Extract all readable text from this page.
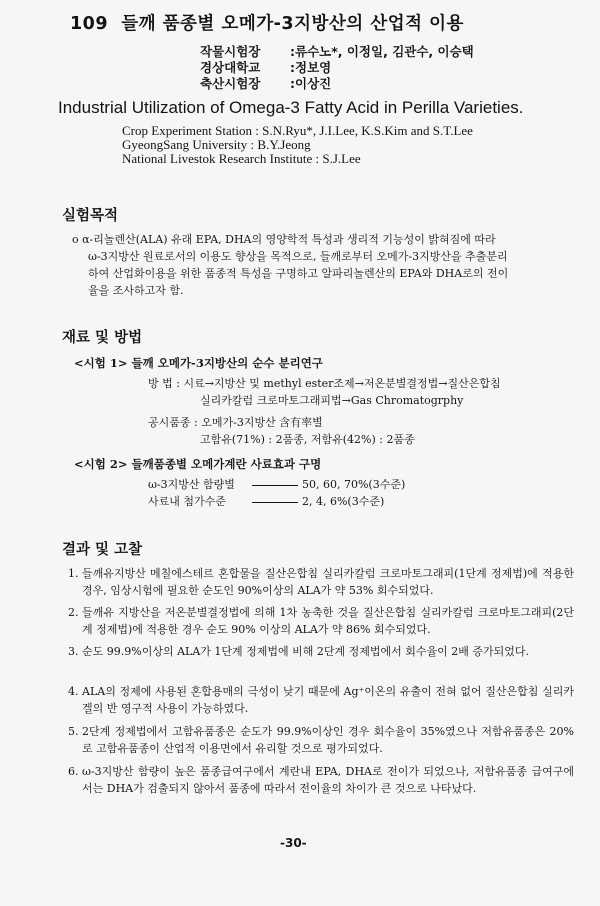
109 들깨 품종별 오메가-3지방산의 산업적 이용
작물시험장 :류수노*, 이정일, 김관수, 이승택
경상대학교 :정보영
축산시험장 :이상진
Industrial Utilization of Omega-3 Fatty Acid in Perilla Varieties.
Crop Experiment Station : S.N.Ryu*, J.I.Lee, K.S.Kim and S.T.Lee
GyeongSang University : B.Y.Jeong
National Livestok Research Institute : S.J.Lee
실험목적
o α-리놀렌산(ALA) 유래 EPA, DHA의 영양학적 특성과 생리적 기능성이 밝혀짐에 따라
ω-3지방산 원료로서의 이용도 향상을 목적으로, 들깨로부터 오메가-3지방산을 추출분리
하여 산업화이용을 위한 품종적 특성을 구명하고 알파리놀렌산의 EPA와 DHA로의 전이
율을 조사하고자 함.
재료 및 방법
<시험 1> 들깨 오메가-3지방산의 순수 분리연구
방 법 : 시료→지방산 및 methyl ester조제→저온분별결정법→질산은합침
실리카칼럼 크로마토그래피법→Gas Chromatogrphy
공시품종 : 오메가-3지방산 含有率별
고함유(71%) : 2품종, 저함유(42%) : 2품종
<시험 2> 들깨품종별 오메가계란 사료효과 구명
ω-3지방산 함량별	50, 60, 70%(3수준)
사료내 첨가수준	2, 4, 6%(3수준)
결과 및 고찰
1. 들깨유지방산 메칠에스테르 혼합물을 질산은합침 실리카칼럼 크로마토그래피(1단계 정제법)에 적용한 경우, 임상시험에 필요한 순도인 90%이상의 ALA가 약 53% 회수되었다.
2. 들깨유 지방산을 저온분별결정법에 의해 1차 농축한 것을 질산은합침 실리카칼럼 크로마토그래피(2단계 정제법)에 적용한 경우 순도 90% 이상의 ALA가 약 86% 회수되었다.
3. 순도 99.9%이상의 ALA가 1단계 정제법에 비해 2단계 정제법에서 회수율이 2배 증가되었다.
4. ALA의 정제에 사용된 혼합용매의 극성이 낮기 때문에 Ag⁺이온의 유출이 전혀 없어 질산은합침 실리카겔의 반 영구적 사용이 가능하였다.
5. 2단계 정제법에서 고함유품종은 순도가 99.9%이상인 경우 회수율이 35%였으나 저함유품종은 20%로 고함유품종이 산업적 이용면에서 유리할 것으로 평가되었다.
6. ω-3지방산 함량이 높은 품종급여구에서 계란내 EPA, DHA로 전이가 되었으나, 저함유품종 급여구에서는 DHA가 검출되지 않아서 품종에 따라서 전이율의 차이가 큰 것으로 나타났다.
-30-
